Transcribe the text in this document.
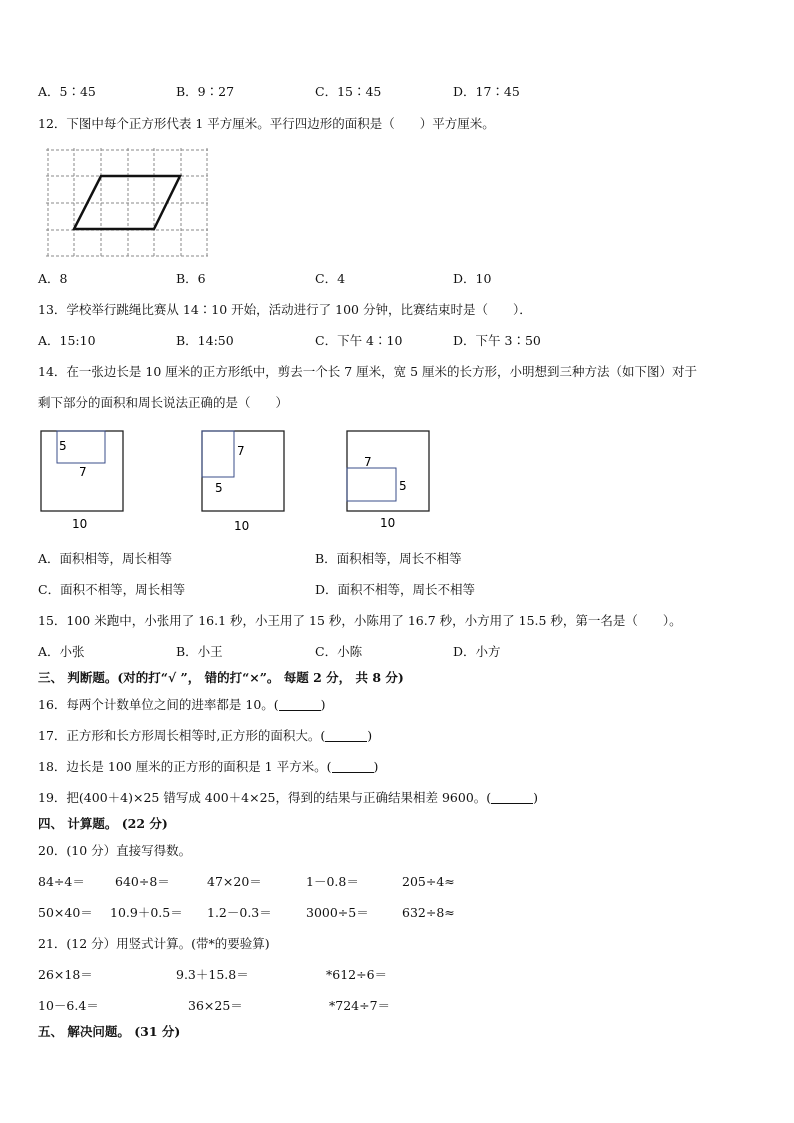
A．5∶45	B．9∶27	C．15∶45	D．17∶45
12．下图中每个正方形代表 1 平方厘米。平行四边形的面积是（　　）平方厘米。
A．8	B．6	C．4	D．10
13．学校举行跳绳比赛从 14∶10 开始，活动进行了 100 分钟，比赛结束时是（　　）．
A．15:10	B．14:50	C．下午 4∶10	D．下午 3∶50
14．在一张边长是 10 厘米的正方形纸中，剪去一个长 7 厘米，宽 5 厘米的长方形，小明想到三种方法（如下图）对于
剩下部分的面积和周长说法正确的是（　　）
5
7
10
7
5
10
7
5
10
A．面积相等，周长相等	B．面积相等，周长不相等
C．面积不相等，周长相等	D．面积不相等，周长不相等
15．100 米跑中，小张用了 16.1 秒，小王用了 15 秒，小陈用了 16.7 秒，小方用了 15.5 秒，第一名是（　　）。
A．小张	B．小王	C．小陈	D．小方
三、 判断题。(对的打“√ ”， 错的打“×”。 每题 2 分， 共 8 分)
16．每两个计数单位之间的进率都是 10。(	)
17．正方形和长方形周长相等时,正方形的面积大。(	)
18．边长是 100 厘米的正方形的面积是 1 平方米。(	)
19．把(400＋4)×25 错写成 400＋4×25，得到的结果与正确结果相差 9600。(	)
四、 计算题。 (22 分)
20．(10 分）直接写得数。
84÷4＝ 640÷8＝	47×20＝	1－0.8＝	205÷4≈
50×40＝ 10.9＋0.5＝ 1.2－0.3＝	3000÷5＝	632÷8≈
21．(12 分）用竖式计算。(带*的要验算)
26×18＝	9.3＋15.8＝	*612÷6＝
10－6.4＝	36×25＝	*724÷7＝
五、 解决问题。 (31 分)
